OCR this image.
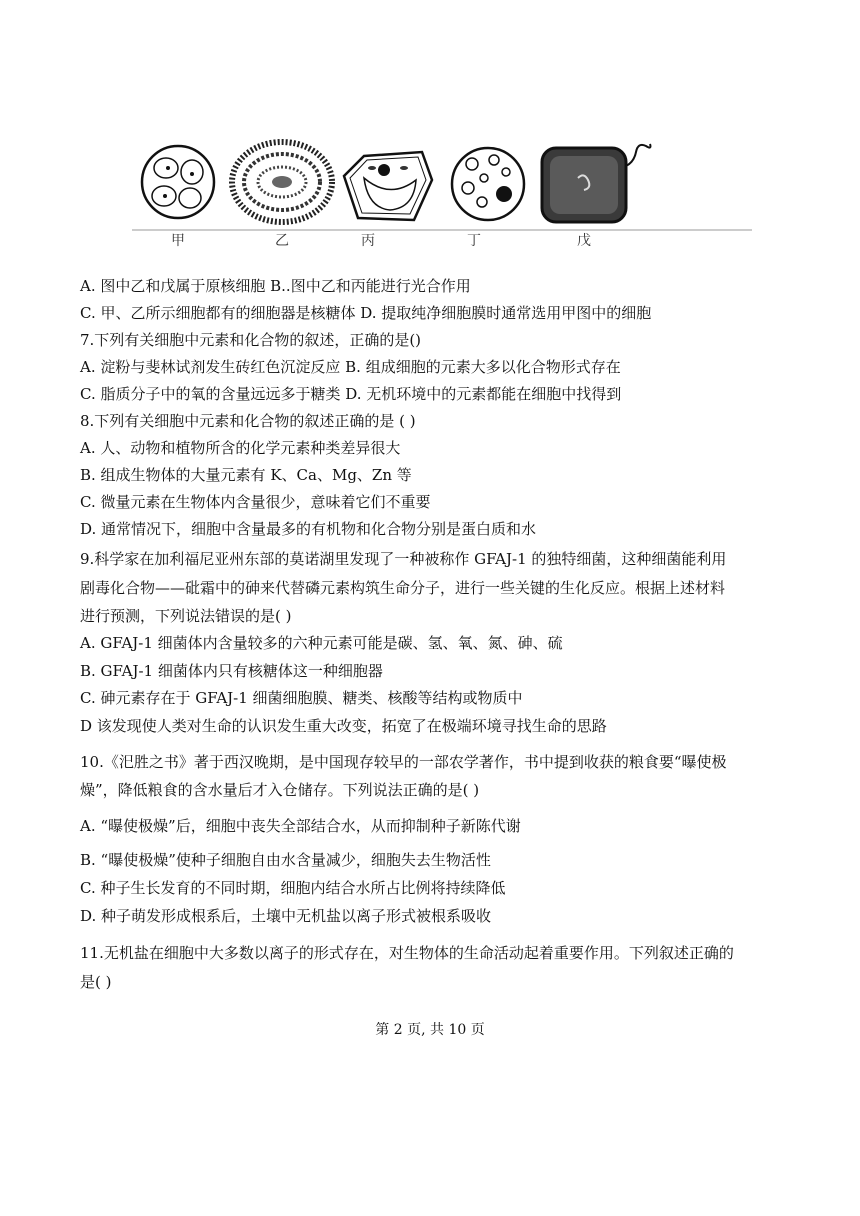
甲	乙	丙	丁	戊
A. 图中乙和戊属于原核细胞 B..图中乙和丙能进行光合作用
C. 甲、乙所示细胞都有的细胞器是核糖体 D. 提取纯净细胞膜时通常选用甲图中的细胞
7.下列有关细胞中元素和化合物的叙述，正确的是()
A. 淀粉与斐林试剂发生砖红色沉淀反应 B. 组成细胞的元素大多以化合物形式存在
C. 脂质分子中的氧的含量远远多于糖类 D. 无机环境中的元素都能在细胞中找得到
8.下列有关细胞中元素和化合物的叙述正确的是 ( )
A. 人、动物和植物所含的化学元素种类差异很大
B. 组成生物体的大量元素有 K、Ca、Mg、Zn 等
C. 微量元素在生物体内含量很少，意味着它们不重要
D. 通常情况下，细胞中含量最多的有机物和化合物分别是蛋白质和水
9.科学家在加利福尼亚州东部的莫诺湖里发现了一种被称作 GFAJ-1 的独特细菌，这种细菌能利用
剧毒化合物——砒霜中的砷来代替磷元素构筑生命分子，进行一些关键的生化反应。根据上述材料
进行预测，下列说法错误的是( )
A. GFAJ-1 细菌体内含量较多的六种元素可能是碳、氢、氧、氮、砷、硫
B. GFAJ-1 细菌体内只有核糖体这一种细胞器
C. 砷元素存在于 GFAJ-1 细菌细胞膜、糖类、核酸等结构或物质中
D 该发现使人类对生命的认识发生重大改变，拓宽了在极端环境寻找生命的思路
10.《汜胜之书》著于西汉晚期，是中国现存较早的一部农学著作，书中提到收获的粮食要“曝使极
燥”，降低粮食的含水量后才入仓储存。下列说法正确的是( )
A. “曝使极燥”后，细胞中丧失全部结合水，从而抑制种子新陈代谢
B. “曝使极燥”使种子细胞自由水含量减少，细胞失去生物活性
C. 种子生长发育的不同时期，细胞内结合水所占比例将持续降低
D. 种子萌发形成根系后，土壤中无机盐以离子形式被根系吸收
11.无机盐在细胞中大多数以离子的形式存在，对生物体的生命活动起着重要作用。下列叙述正确的
是( )
第 2 页, 共 10 页
